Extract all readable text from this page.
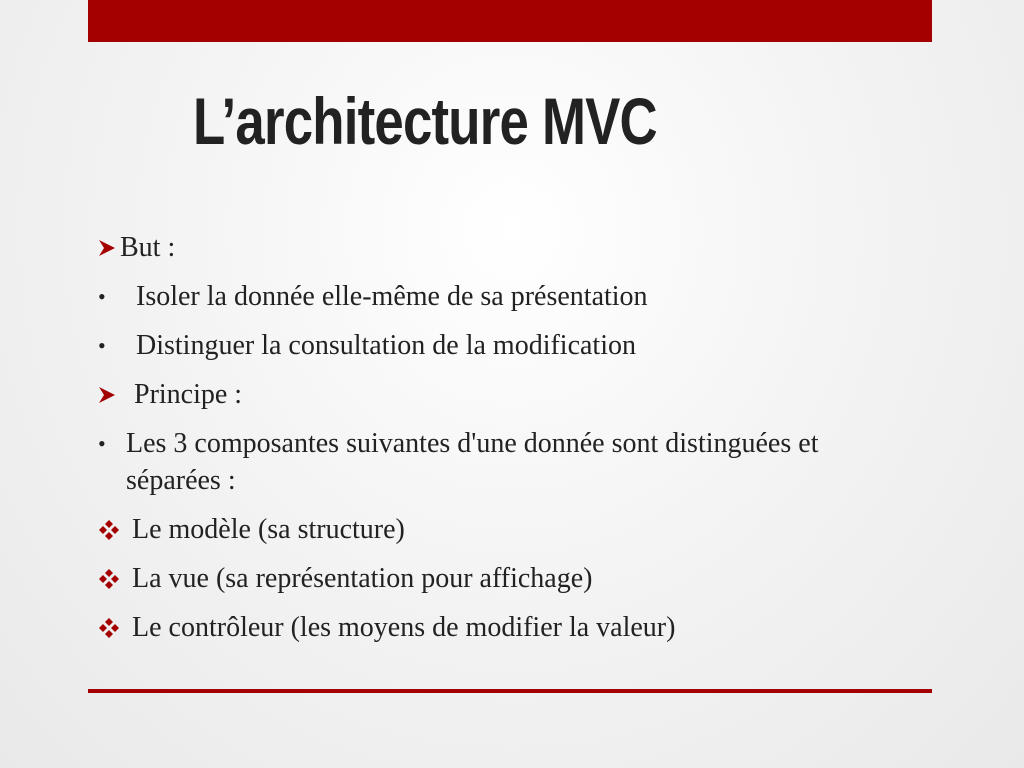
L’architecture MVC
But :
•	Isoler la donnée elle-même de sa présentation
•	Distinguer la consultation de la modification
Principe :
• Les 3 composantes suivantes d'une donnée sont distinguées et séparées :
Le modèle (sa structure)
La vue (sa représentation pour affichage)
Le contrôleur (les moyens de modifier la valeur)
